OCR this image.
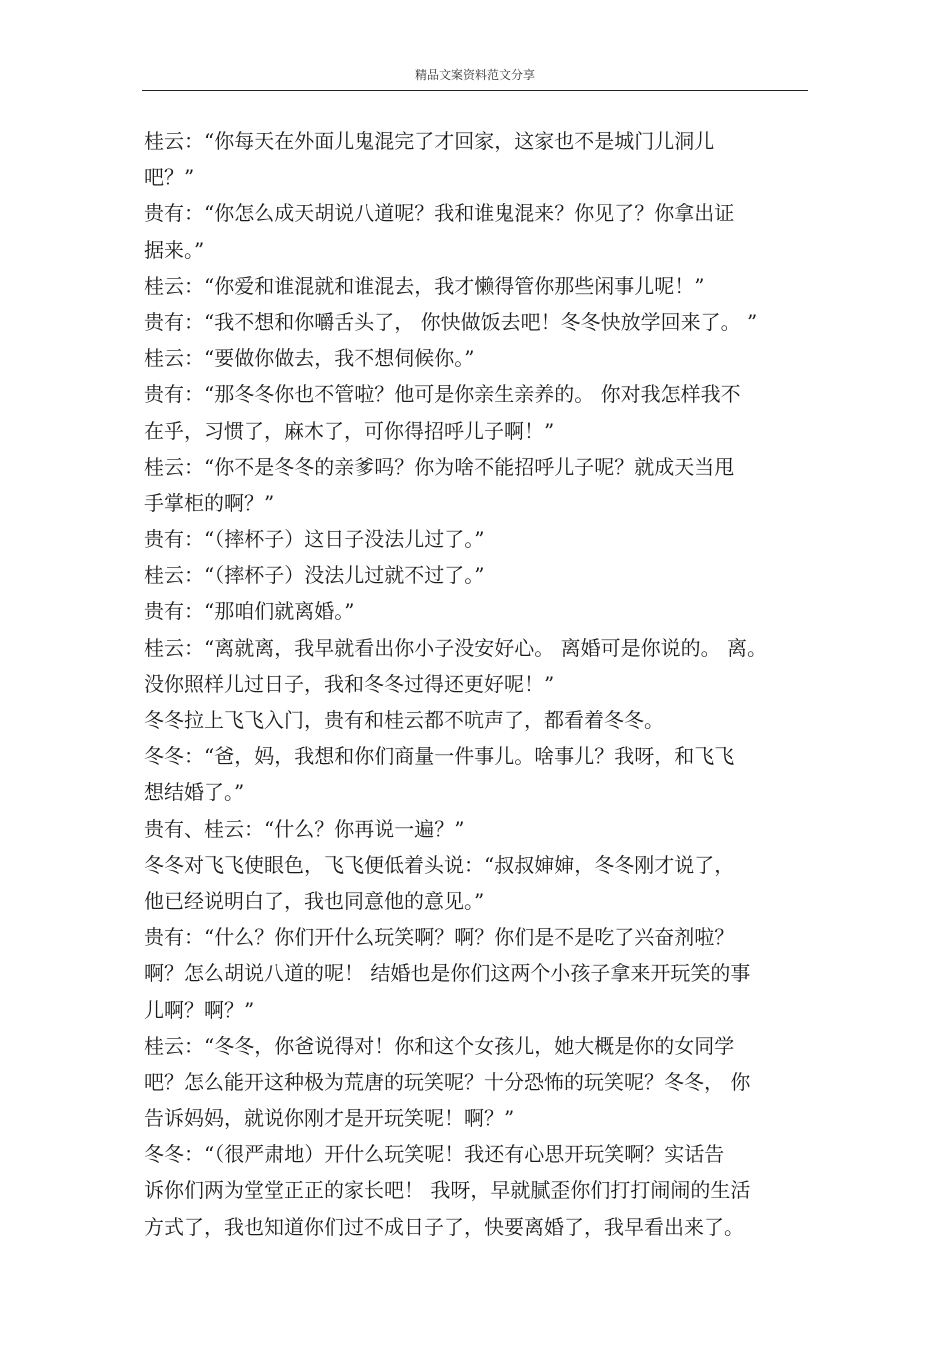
精品文案资料范文分享
桂云：“你每天在外面儿鬼混完了才回家，这家也不是城门儿洞儿
吧？”
贵有：“你怎么成天胡说八道呢？我和谁鬼混来？你见了？你拿出证
据来。”
桂云：“你爱和谁混就和谁混去，我才懒得管你那些闲事儿呢！”
贵有：“我不想和你嚼舌头了， 你快做饭去吧！冬冬快放学回来了。 ”
桂云：“要做你做去，我不想伺候你。”
贵有：“那冬冬你也不管啦？他可是你亲生亲养的。 你对我怎样我不
在乎，习惯了，麻木了，可你得招呼儿子啊！”
桂云：“你不是冬冬的亲爹吗？你为啥不能招呼儿子呢？就成天当甩
手掌柜的啊？”
贵有：“（摔杯子）这日子没法儿过了。”
桂云：“（摔杯子）没法儿过就不过了。”
贵有：“那咱们就离婚。”
桂云：“离就离，我早就看出你小子没安好心。 离婚可是你说的。 离。
没你照样儿过日子，我和冬冬过得还更好呢！”
冬冬拉上飞飞入门，贵有和桂云都不吭声了，都看着冬冬。
冬冬：“爸，妈，我想和你们商量一件事儿。啥事儿？我呀，和飞飞
想结婚了。”
贵有、桂云：“什么？你再说一遍？”
冬冬对飞飞使眼色，飞飞便低着头说：“叔叔婶婶，冬冬刚才说了，
他已经说明白了，我也同意他的意见。”
贵有：“什么？你们开什么玩笑啊？啊？你们是不是吃了兴奋剂啦？
啊？怎么胡说八道的呢！ 结婚也是你们这两个小孩子拿来开玩笑的事
儿啊？啊？”
桂云：“冬冬，你爸说得对！你和这个女孩儿，她大概是你的女同学
吧？怎么能开这种极为荒唐的玩笑呢？十分恐怖的玩笑呢？冬冬， 你
告诉妈妈，就说你刚才是开玩笑呢！啊？”
冬冬：“（很严肃地）开什么玩笑呢！我还有心思开玩笑啊？实话告
诉你们两为堂堂正正的家长吧！ 我呀，早就腻歪你们打打闹闹的生活
方式了，我也知道你们过不成日子了，快要离婚了，我早看出来了。
